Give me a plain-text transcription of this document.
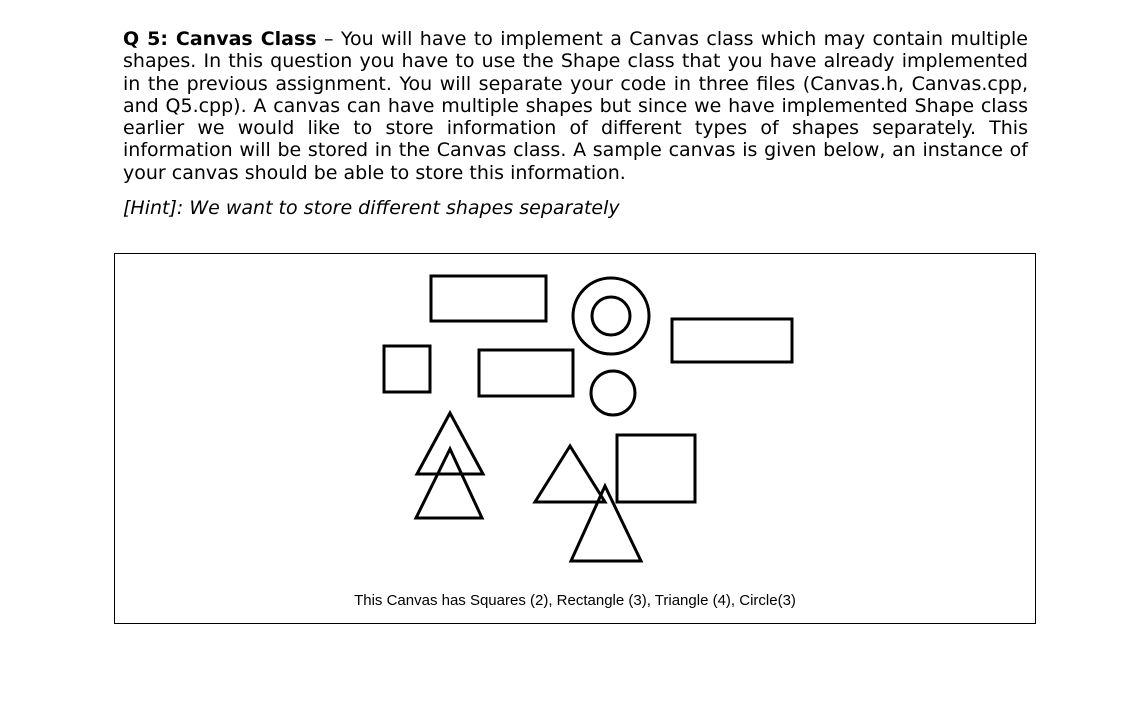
Q 5: Canvas Class – You will have to implement a Canvas class which may contain multiple shapes. In this question you have to use the Shape class that you have already implemented in the previous assignment. You will separate your code in three files (Canvas.h, Canvas.cpp, and Q5.cpp). A canvas can have multiple shapes but since we have implemented Shape class earlier we would like to store information of different types of shapes separately. This information will be stored in the Canvas class. A sample canvas is given below, an instance of your canvas should be able to store this information.

[Hint]: We want to store different shapes separately

This Canvas has Squares (2), Rectangle (3), Triangle (4), Circle(3)
